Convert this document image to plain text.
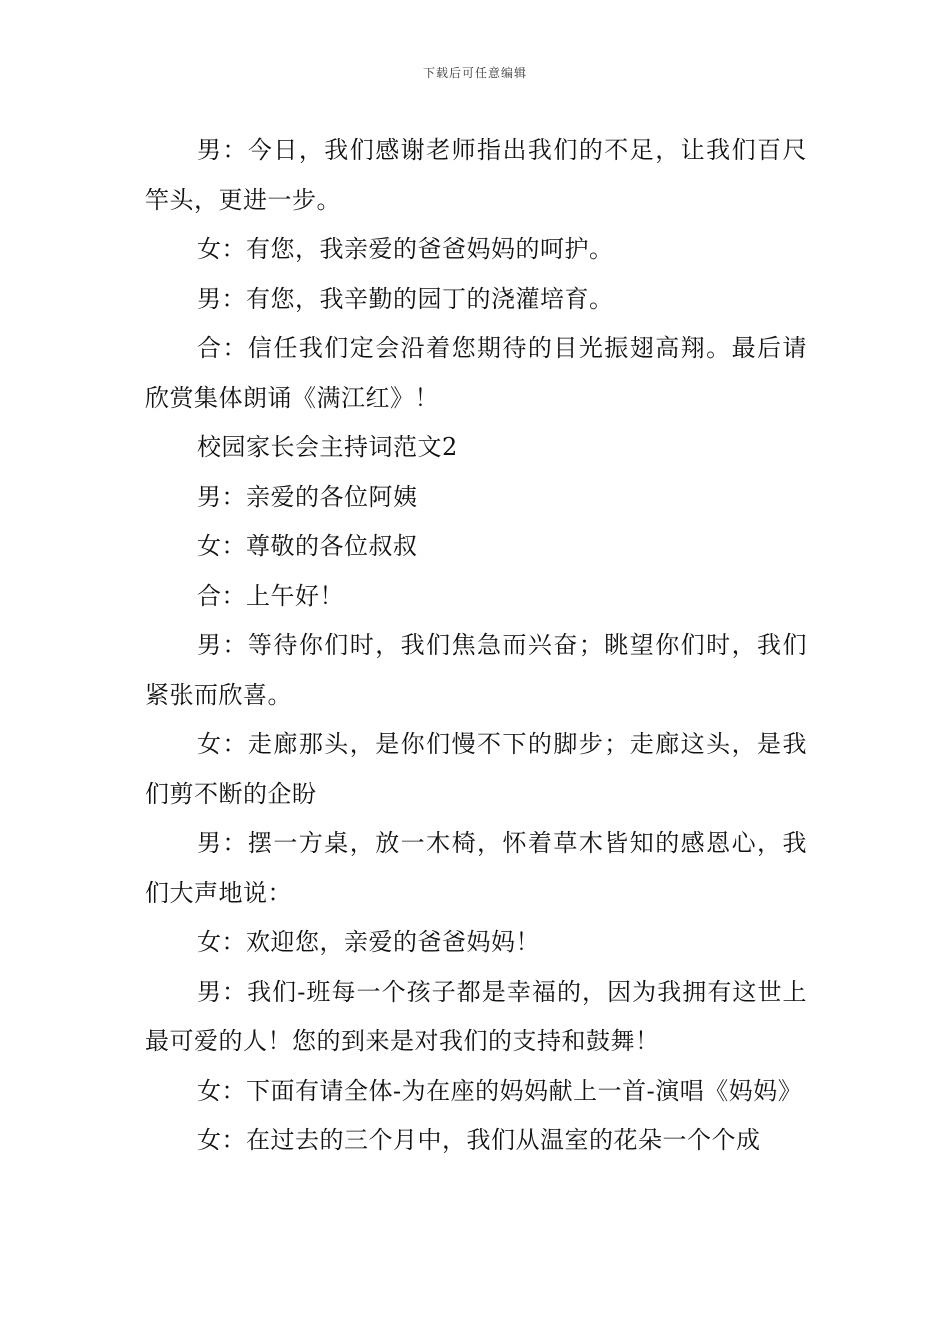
下载后可任意编辑

男：今日，我们感谢老师指出我们的不足，让我们百尺竿头，更进一步。

女：有您，我亲爱的爸爸妈妈的呵护。

男：有您，我辛勤的园丁的浇灌培育。

合：信任我们定会沿着您期待的目光振翅高翔。最后请欣赏集体朗诵《满江红》！

校园家长会主持词范文2

男：亲爱的各位阿姨

女：尊敬的各位叔叔

合：上午好！

男：等待你们时，我们焦急而兴奋；眺望你们时，我们紧张而欣喜。

女：走廊那头，是你们慢不下的脚步；走廊这头，是我们剪不断的企盼

男：摆一方桌，放一木椅，怀着草木皆知的感恩心，我们大声地说：

女：欢迎您，亲爱的爸爸妈妈！

男：我们-班每一个孩子都是幸福的，因为我拥有这世上最可爱的人！您的到来是对我们的支持和鼓舞！

女：下面有请全体-为在座的妈妈献上一首-演唱《妈妈》

女：在过去的三个月中，我们从温室的花朵一个个成
